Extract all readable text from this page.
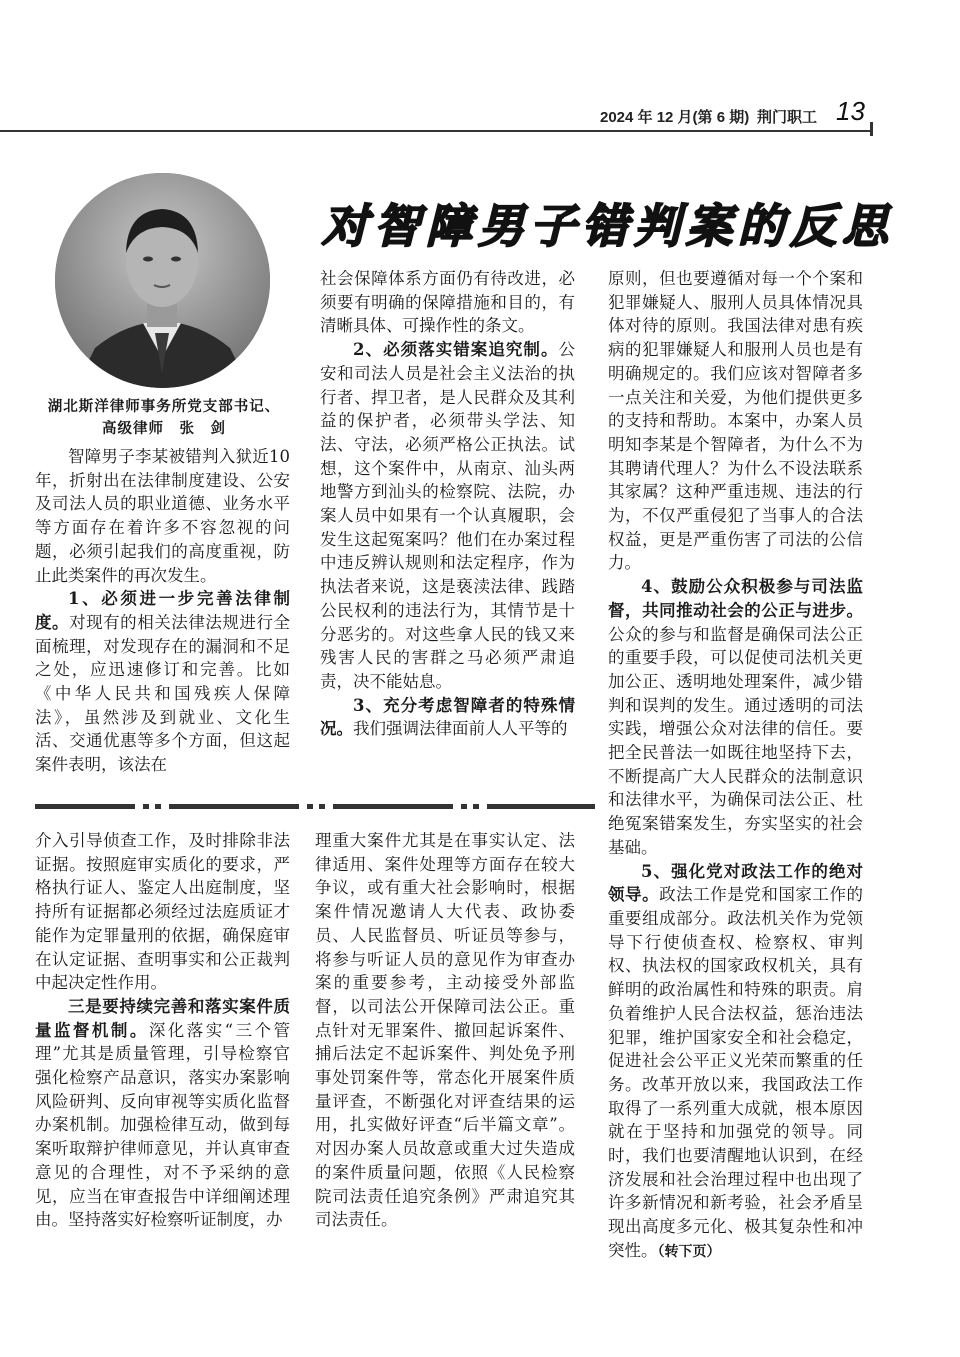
2024 年 12 月(第 6 期) 荆门职工 13
湖北斯洋律师事务所党支部书记、
高级律师　张　剑
对智障男子错判案的反思

智障男子李某被错判入狱近10年，折射出在法律制度建设、公安及司法人员的职业道德、业务水平等方面存在着许多不容忽视的问题，必须引起我们的高度重视，防止此类案件的再次发生。

1、必须进一步完善法律制度。对现有的相关法律法规进行全面梳理，对发现存在的漏洞和不足之处，应迅速修订和完善。比如《中华人民共和国残疾人保障法》，虽然涉及到就业、文化生活、交通优惠等多个方面，但这起案件表明，该法在

社会保障体系方面仍有待改进，必须要有明确的保障措施和目的，有清晰具体、可操作性的条文。

2、必须落实错案追究制。公安和司法人员是社会主义法治的执行者、捍卫者，是人民群众及其利益的保护者，必须带头学法、知法、守法，必须严格公正执法。试想，这个案件中，从南京、汕头两地警方到汕头的检察院、法院，办案人员中如果有一个认真履职，会发生这起冤案吗？他们在办案过程中违反辨认规则和法定程序，作为执法者来说，这是亵渎法律、践踏公民权利的违法行为，其情节是十分恶劣的。对这些拿人民的钱又来残害人民的害群之马必须严肃追责，决不能姑息。

3、充分考虑智障者的特殊情况。我们强调法律面前人人平等的

原则，但也要遵循对每一个个案和犯罪嫌疑人、服刑人员具体情况具体对待的原则。我国法律对患有疾病的犯罪嫌疑人和服刑人员也是有明确规定的。我们应该对智障者多一点关注和关爱，为他们提供更多的支持和帮助。本案中，办案人员明知李某是个智障者，为什么不为其聘请代理人？为什么不设法联系其家属？这种严重违规、违法的行为，不仅严重侵犯了当事人的合法权益，更是严重伤害了司法的公信力。

4、鼓励公众积极参与司法监督，共同推动社会的公正与进步。公众的参与和监督是确保司法公正的重要手段，可以促使司法机关更加公正、透明地处理案件，减少错判和误判的发生。通过透明的司法实践，增强公众对法律的信任。要把全民普法一如既往地坚持下去，不断提高广大人民群众的法制意识和法律水平，为确保司法公正、杜绝冤案错案发生，夯实坚实的社会基础。

5、强化党对政法工作的绝对领导。政法工作是党和国家工作的重要组成部分。政法机关作为党领导下行使侦查权、检察权、审判权、执法权的国家政权机关，具有鲜明的政治属性和特殊的职责。肩负着维护人民合法权益，惩治违法犯罪，维护国家安全和社会稳定，促进社会公平正义光荣而繁重的任务。改革开放以来，我国政法工作取得了一系列重大成就，根本原因就在于坚持和加强党的领导。同时，我们也要清醒地认识到，在经济发展和社会治理过程中也出现了许多新情况和新考验，社会矛盾呈现出高度多元化、极其复杂性和冲突性。（转下页）

介入引导侦查工作，及时排除非法证据。按照庭审实质化的要求，严格执行证人、鉴定人出庭制度，坚持所有证据都必须经过法庭质证才能作为定罪量刑的依据，确保庭审在认定证据、查明事实和公正裁判中起决定性作用。

三是要持续完善和落实案件质量监督机制。深化落实“三个管理”尤其是质量管理，引导检察官强化检察产品意识，落实办案影响风险研判、反向审视等实质化监督办案机制。加强检律互动，做到每案听取辩护律师意见，并认真审查意见的合理性，对不予采纳的意见，应当在审查报告中详细阐述理由。坚持落实好检察听证制度，办

理重大案件尤其是在事实认定、法律适用、案件处理等方面存在较大争议，或有重大社会影响时，根据案件情况邀请人大代表、政协委员、人民监督员、听证员等参与，将参与听证人员的意见作为审查办案的重要参考，主动接受外部监督，以司法公开保障司法公正。重点针对无罪案件、撤回起诉案件、捕后法定不起诉案件、判处免予刑事处罚案件等，常态化开展案件质量评查，不断强化对评查结果的运用，扎实做好评查“后半篇文章”。对因办案人员故意或重大过失造成的案件质量问题，依照《人民检察院司法责任追究条例》严肃追究其司法责任。
